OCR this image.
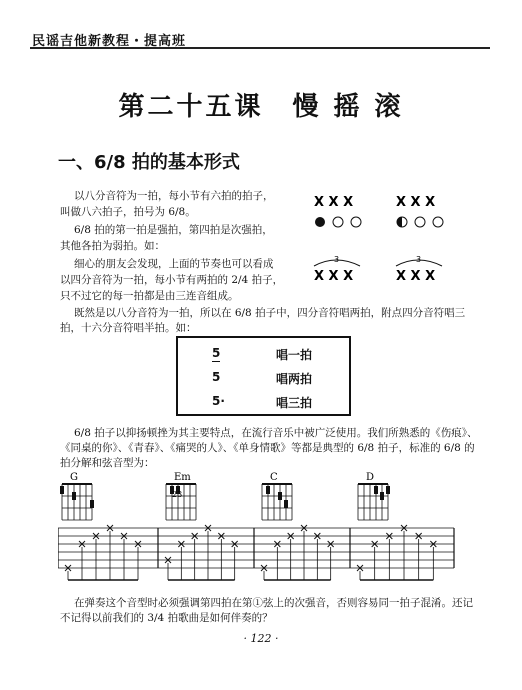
民谣吉他新教程・提高班
第二十五课　慢 摇 滚
一、6/8 拍的基本形式
以八分音符为一拍，每小节有六拍的拍子，
叫做八六拍子，拍号为 6/8。
6/8 拍的第一拍是强拍，第四拍是次强拍，
其他各拍为弱拍。如：
细心的朋友会发现，上面的节奏也可以看成
以四分音符为一拍，每小节有两拍的 2/4 拍子，
只不过它的每一拍都是由三连音组成。
既然是以八分音符为一拍，所以在 6/8 拍子中，四分音符唱两拍，附点四分音符唱三拍，十六分音符唱半拍。如：
X X X	X X X
3	3
X X X	X X X
5	唱一拍
5	唱两拍
5·	唱三拍
6/8 拍子以抑扬顿挫为其主要特点，在流行音乐中被广泛使用。我们所熟悉的《伤痕》、《同桌的你》、《青春》、《痛哭的人》、《单身情歌》等都是典型的 6/8 拍子，标准的 6/8 的拍分解和弦音型为：
G	Em
23
C	D
在弹奏这个音型时必须强调第四拍在第①弦上的次强音，否则容易同一拍子混淆。还记不记得以前我们的 3/4 拍歌曲是如何伴奏的？
· 122 ·
